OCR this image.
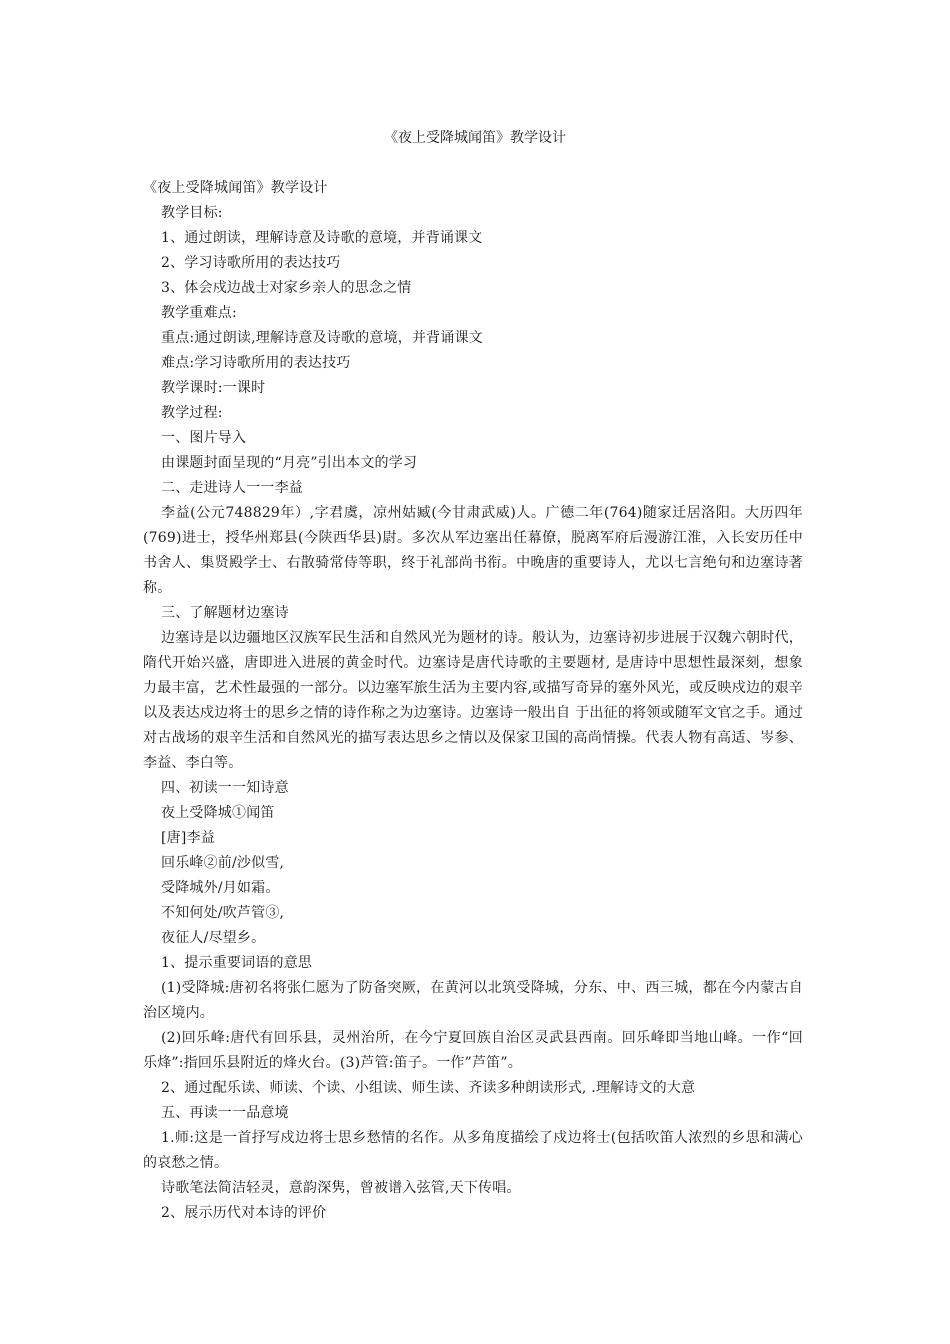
《夜上受降城闻笛》教学设计

《夜上受降城闻笛》教学设计

教学目标:

1、通过朗读，理解诗意及诗歌的意境，并背诵课文

2、学习诗歌所用的表达技巧

3、体会戍边战士对家乡亲人的思念之情

教学重难点:

重点:通过朗读,理解诗意及诗歌的意境，并背诵课文

难点:学习诗歌所用的表达技巧

教学课时:一课时

教学过程:

一、图片导入

由课题封面呈现的“月亮”引出本文的学习

二、走进诗人一一李益

李益(公元748829年）,字君虞，凉州姑臧(今甘肃武威)人。广德二年(764)随家迁居洛阳。大历四年(769)进士，授华州郑县(今陕西华县)尉。多次从军边塞出任幕僚，脱离军府后漫游江淮，入长安历任中书舍人、集贤殿学士、右散骑常侍等职，终于礼部尚书衔。中晚唐的重要诗人，尤以七言绝句和边塞诗著称。

三、了解题材边塞诗

边塞诗是以边疆地区汉族军民生活和自然风光为题材的诗。般认为，边塞诗初步进展于汉魏六朝时代，隋代开始兴盛，唐即进入进展的黄金时代。边塞诗是唐代诗歌的主要题材, 是唐诗中思想性最深刻，想象力最丰富，艺术性最强的一部分。以边塞军旅生活为主要内容,或描写奇异的塞外风光，或反映戍边的艰辛以及表达戍边将士的思乡之情的诗作称之为边塞诗。边塞诗一般出自 于出征的将领或随军文官之手。通过对古战场的艰辛生活和自然风光的描写表达思乡之情以及保家卫国的高尚情操。代表人物有高适、岑参、李益、李白等。

四、初读一一知诗意

夜上受降城①闻笛

[唐]李益

回乐峰②前/沙似雪,

受降城外/月如霜。

不知何处/吹芦管③,

夜征人/尽望乡。

1、提示重要词语的意思

(1)受降城:唐初名将张仁愿为了防备突厥，在黄河以北筑受降城，分东、中、西三城，都在今内蒙古自治区境内。

(2)回乐峰:唐代有回乐县，灵州治所，在今宁夏回族自治区灵武县西南。回乐峰即当地山峰。一作“回乐烽”:指回乐县附近的烽火台。(3)芦管:笛子。一作”芦笛”。

2、通过配乐读、师读、个读、小组读、师生读、齐读多种朗读形式, .理解诗文的大意

五、再读一一品意境

1.师:这是一首抒写戍边将士思乡愁情的名作。从多角度描绘了戍边将士(包括吹笛人浓烈的乡思和满心的哀愁之情。

诗歌笔法简洁轻灵，意韵深隽，曾被谱入弦管,天下传唱。

2、展示历代对本诗的评价
